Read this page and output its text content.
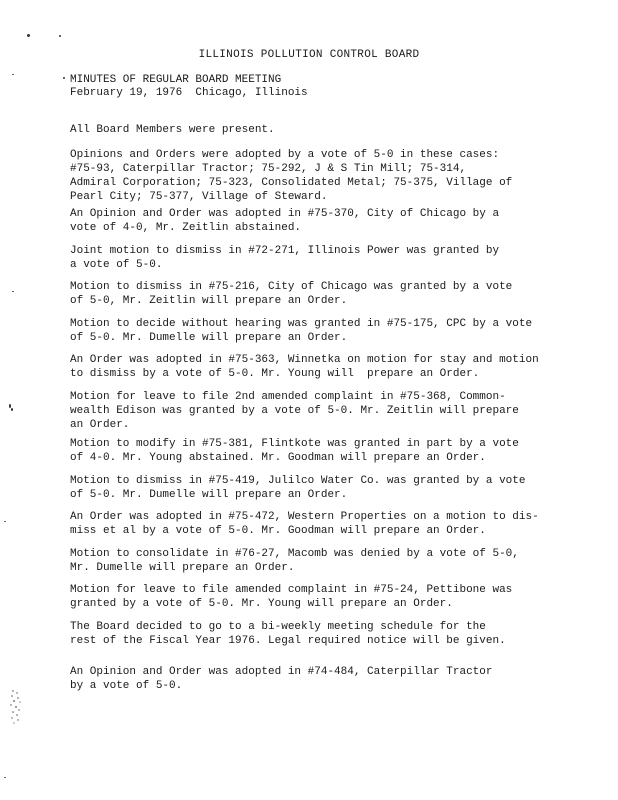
ILLINOIS POLLUTION CONTROL BOARD
MINUTES OF REGULAR BOARD MEETING
February 19, 1976  Chicago, Illinois
All Board Members were present.
Opinions and Orders were adopted by a vote of 5-0 in these cases:
#75-93, Caterpillar Tractor; 75-292, J & S Tin Mill; 75-314,
Admiral Corporation; 75-323, Consolidated Metal; 75-375, Village of
Pearl City; 75-377, Village of Steward.
An Opinion and Order was adopted in #75-370, City of Chicago by a
vote of 4-0, Mr. Zeitlin abstained.
Joint motion to dismiss in #72-271, Illinois Power was granted by
a vote of 5-0.
Motion to dismiss in #75-216, City of Chicago was granted by a vote
of 5-0, Mr. Zeitlin will prepare an Order.
Motion to decide without hearing was granted in #75-175, CPC by a vote
of 5-0. Mr. Dumelle will prepare an Order.
An Order was adopted in #75-363, Winnetka on motion for stay and motion
to dismiss by a vote of 5-0. Mr. Young will  prepare an Order.
Motion for leave to file 2nd amended complaint in #75-368, Common-
wealth Edison was granted by a vote of 5-0. Mr. Zeitlin will prepare
an Order.
Motion to modify in #75-381, Flintkote was granted in part by a vote
of 4-0. Mr. Young abstained. Mr. Goodman will prepare an Order.
Motion to dismiss in #75-419, Julilco Water Co. was granted by a vote
of 5-0. Mr. Dumelle will prepare an Order.
An Order was adopted in #75-472, Western Properties on a motion to dis-
miss et al by a vote of 5-0. Mr. Goodman will prepare an Order.
Motion to consolidate in #76-27, Macomb was denied by a vote of 5-0,
Mr. Dumelle will prepare an Order.
Motion for leave to file amended complaint in #75-24, Pettibone was
granted by a vote of 5-0. Mr. Young will prepare an Order.
The Board decided to go to a bi-weekly meeting schedule for the
rest of the Fiscal Year 1976. Legal required notice will be given.
An Opinion and Order was adopted in #74-484, Caterpillar Tractor
by a vote of 5-0.
